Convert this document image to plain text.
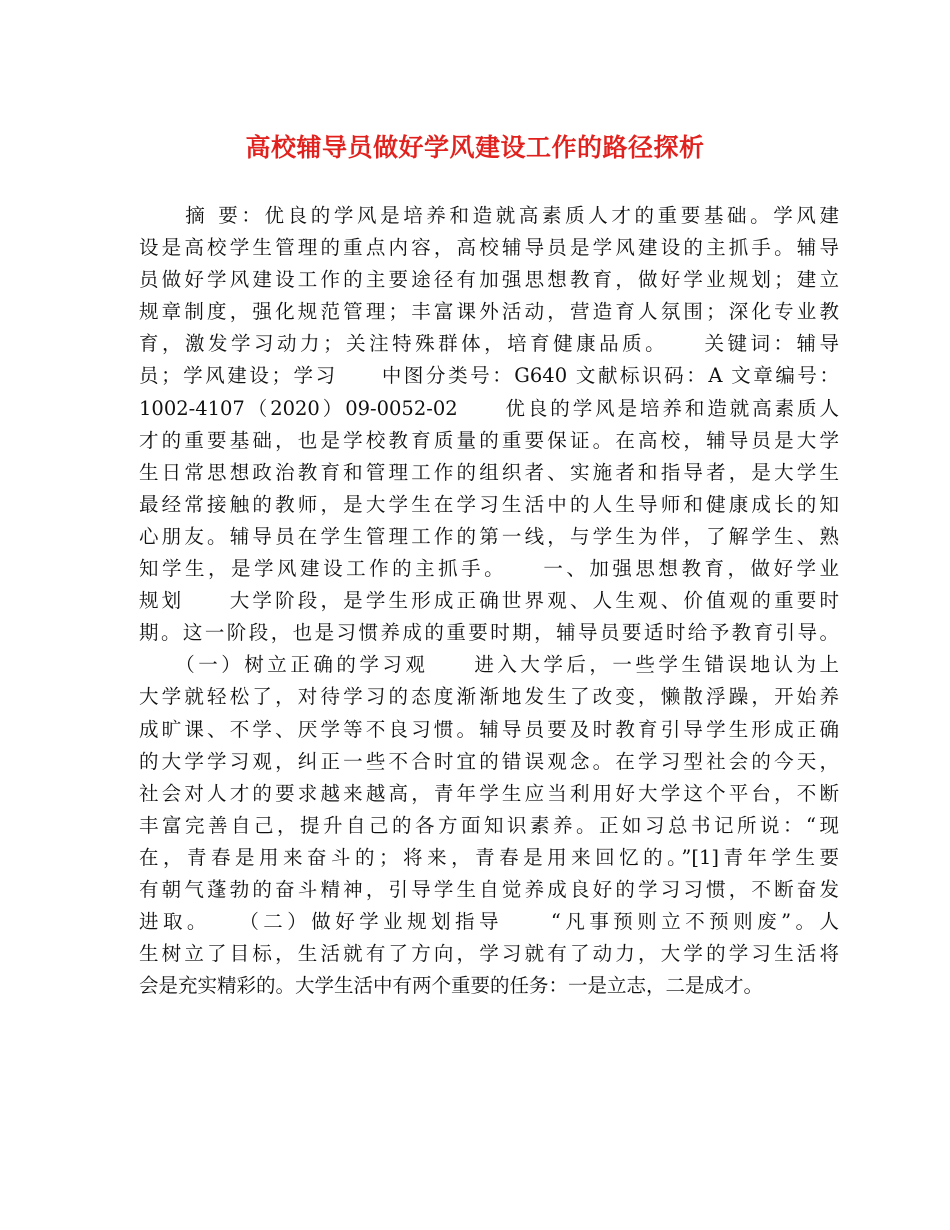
高校辅导员做好学风建设工作的路径探析
　　摘 要：优良的学风是培养和造就高素质人才的重要基础。学风建
设是高校学生管理的重点内容，高校辅导员是学风建设的主抓手。辅导
员做好学风建设工作的主要途径有加强思想教育，做好学业规划；建立
规章制度，强化规范管理；丰富课外活动，营造育人氛围；深化专业教
育，激发学习动力；关注特殊群体，培育健康品质。　　关键词：辅导
员；学风建设；学习　　中图分类号：G640 文献标识码：A 文章编号：
1002-4107（2020）09-0052-02　　优良的学风是培养和造就高素质人
才的重要基础，也是学校教育质量的重要保证。在高校，辅导员是大学
生日常思想政治教育和管理工作的组织者、实施者和指导者，是大学生
最经常接触的教师，是大学生在学习生活中的人生导师和健康成长的知
心朋友。辅导员在学生管理工作的第一线，与学生为伴，了解学生、熟
知学生，是学风建设工作的主抓手。　　一、加强思想教育，做好学业
规划　　大学阶段，是学生形成正确世界观、人生观、价值观的重要时
期。这一阶段，也是习惯养成的重要时期，辅导员要适时给予教育引导。
　　（一）树立正确的学习观　　进入大学后，一些学生错误地认为上
大学就轻松了，对待学习的态度渐渐地发生了改变，懒散浮躁，开始养
成旷课、不学、厌学等不良习惯。辅导员要及时教育引导学生形成正确
的大学学习观，纠正一些不合时宜的错误观念。在学习型社会的今天，
社会对人才的要求越来越高，青年学生应当利用好大学这个平台，不断
丰富完善自己，提升自己的各方面知识素养。正如习总书记所说：“现
在，青春是用来奋斗的；将来，青春是用来回忆的。”[1]青年学生要
有朝气蓬勃的奋斗精神，引导学生自觉养成良好的学习习惯，不断奋发
进取。　　（二）做好学业规划指导　　“凡事预则立不预则废”。人
生树立了目标，生活就有了方向，学习就有了动力，大学的学习生活将
会是充实精彩的。大学生活中有两个重要的任务：一是立志，二是成才。
